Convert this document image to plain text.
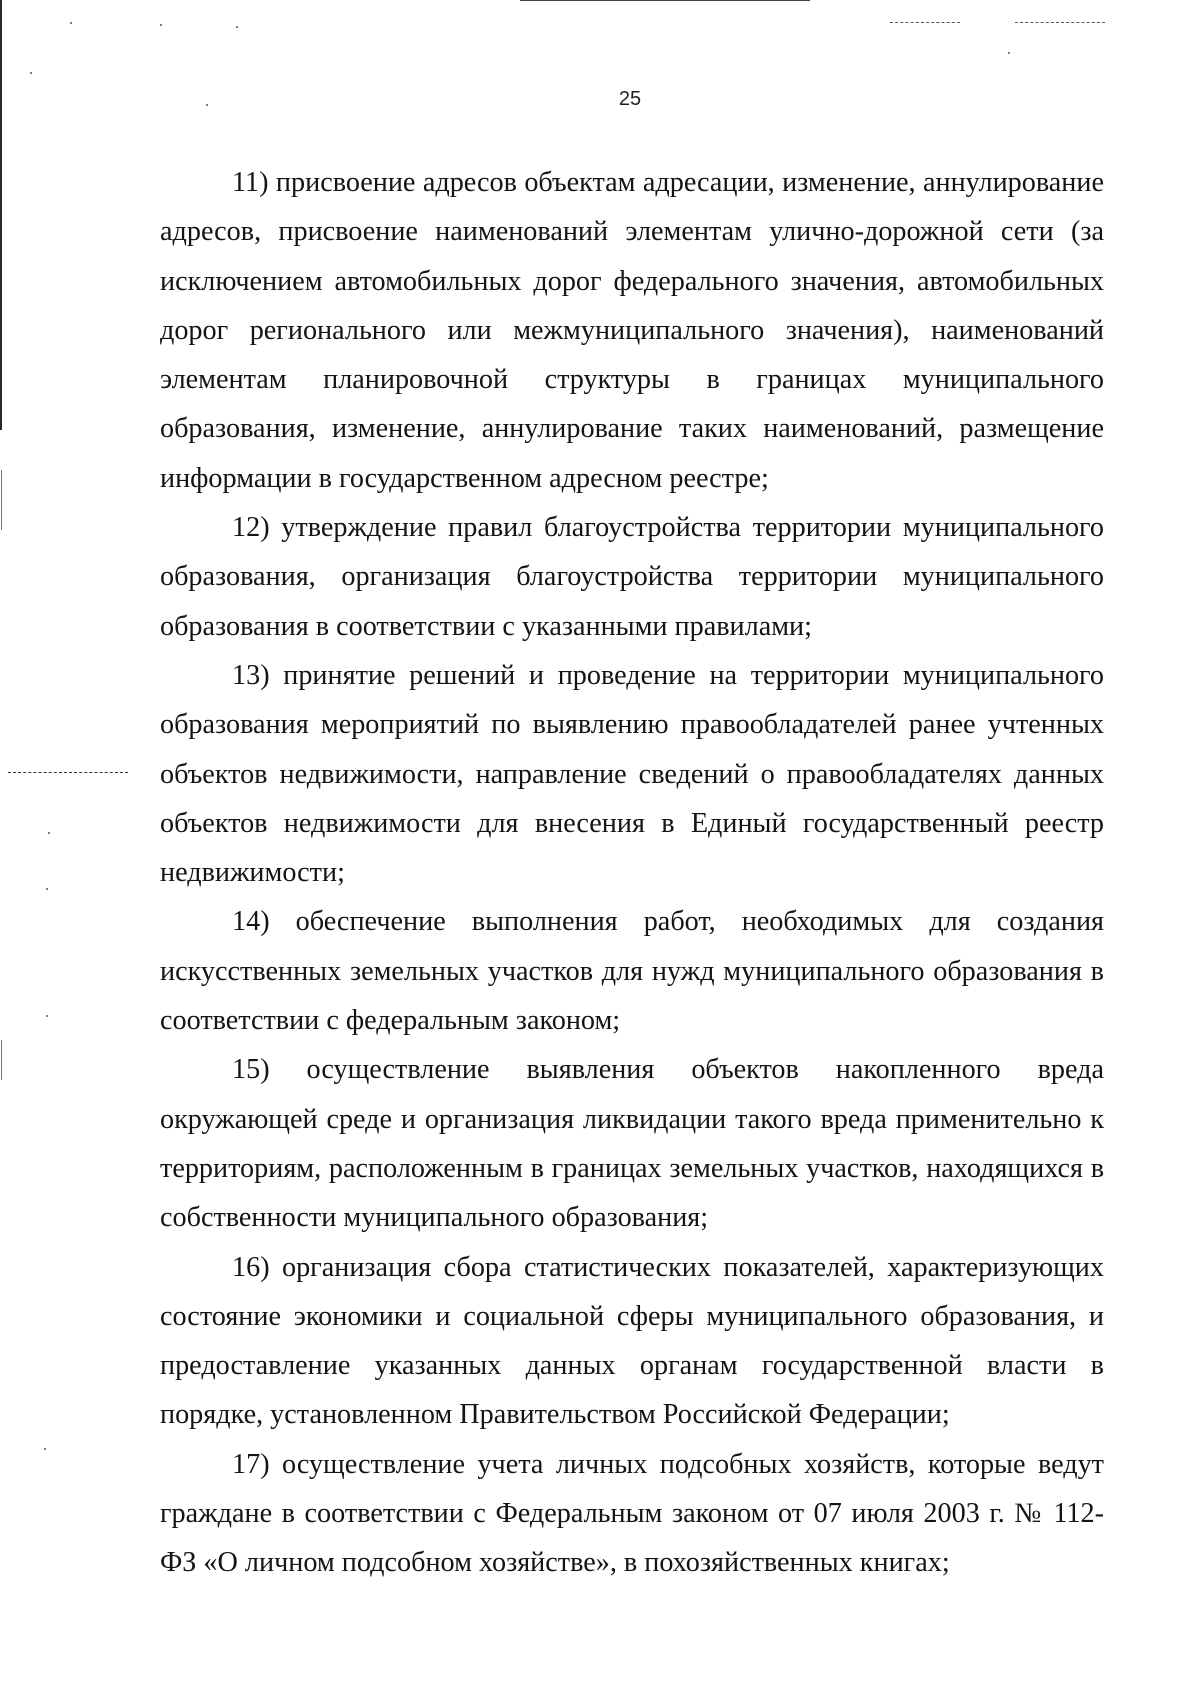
25

11) присвоение адресов объектам адресации, изменение, аннулирование адресов, присвоение наименований элементам улично-дорожной сети (за исключением автомобильных дорог федерального значения, автомобильных дорог регионального или межмуниципального значения), наименований элементам планировочной структуры в границах муниципального образования, изменение, аннулирование таких наименований, размещение информации в государственном адресном реестре;

12) утверждение правил благоустройства территории муниципального образования, организация благоустройства территории муниципального образования в соответствии с указанными правилами;

13) принятие решений и проведение на территории муниципального образования мероприятий по выявлению правообладателей ранее учтенных объектов недвижимости, направление сведений о правообладателях данных объектов недвижимости для внесения в Единый государственный реестр недвижимости;

14) обеспечение выполнения работ, необходимых для создания искусственных земельных участков для нужд муниципального образования в соответствии с федеральным законом;

15) осуществление выявления объектов накопленного вреда окружающей среде и организация ликвидации такого вреда применительно к территориям, расположенным в границах земельных участков, находящихся в собственности муниципального образования;

16) организация сбора статистических показателей, характеризующих состояние экономики и социальной сферы муниципального образования, и предоставление указанных данных органам государственной власти в порядке, установленном Правительством Российской Федерации;

17) осуществление учета личных подсобных хозяйств, которые ведут граждане в соответствии с Федеральным законом от 07 июля 2003 г. № 112-ФЗ «О личном подсобном хозяйстве», в похозяйственных книгах;
